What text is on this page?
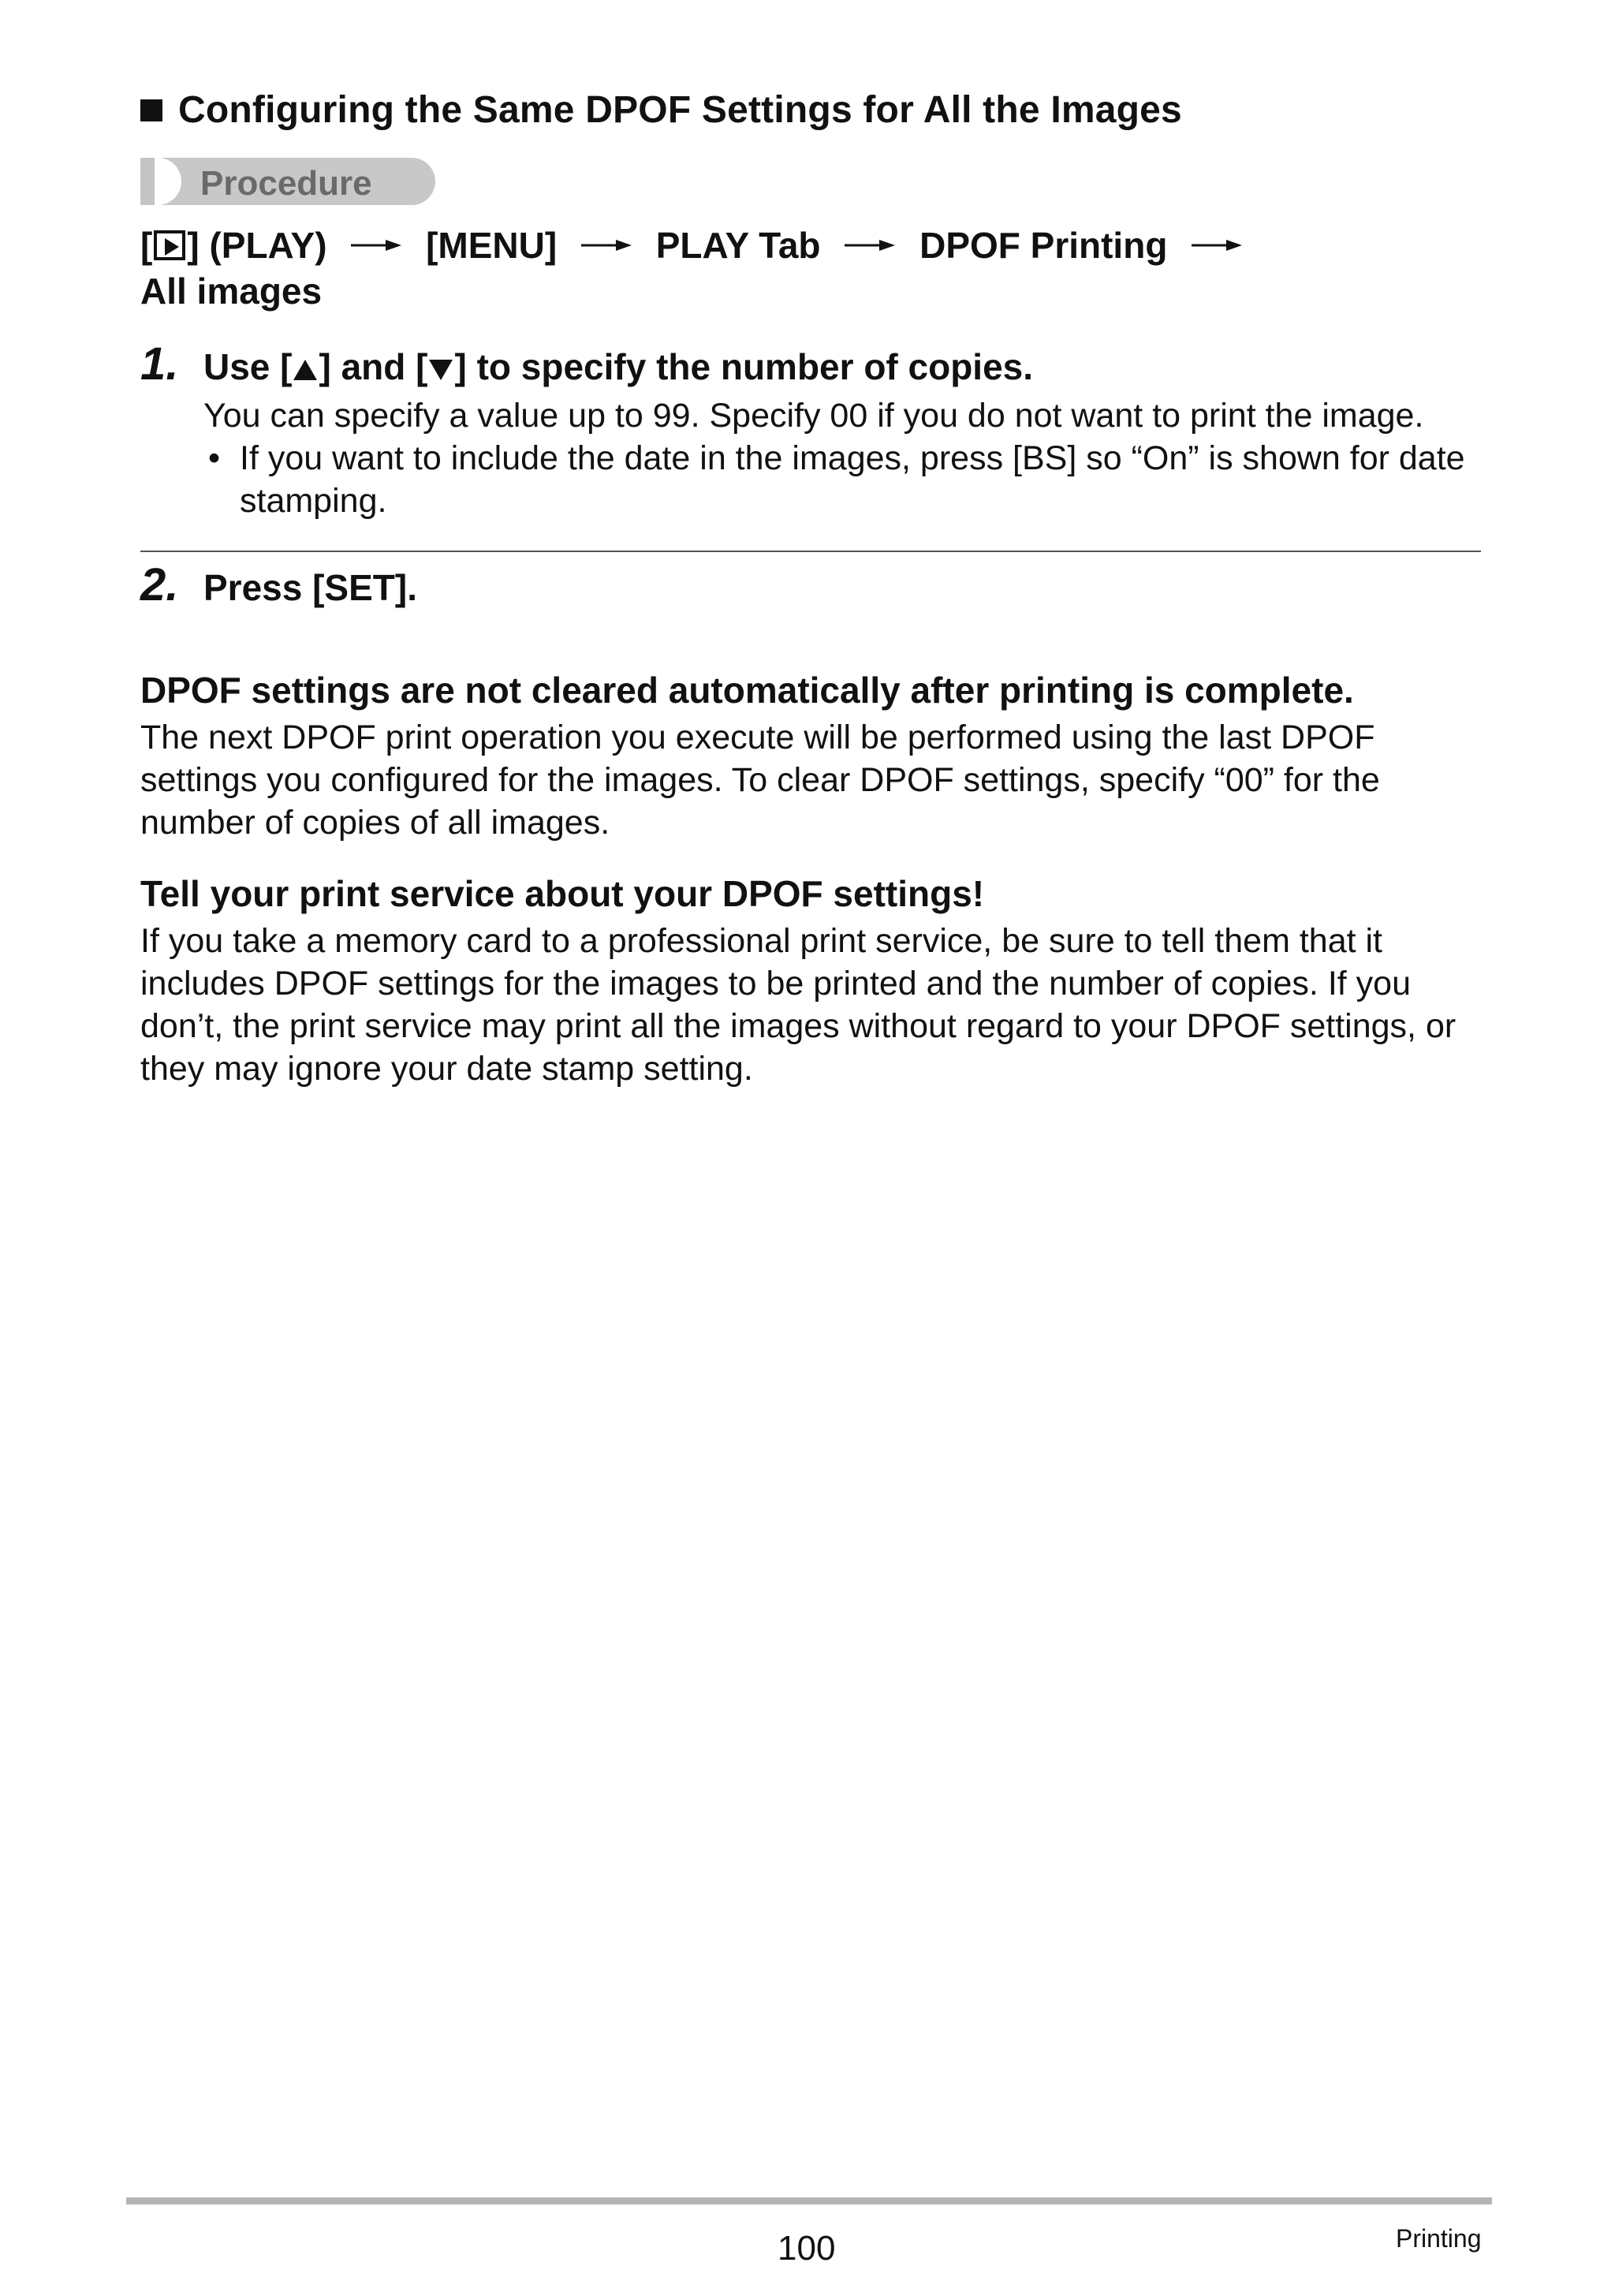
Configuring the Same DPOF Settings for All the Images
Procedure
[ ] (PLAY)	[MENU]	PLAY Tab	DPOF Printing
All images
1. Use [ ] and [ ] to specify the number of copies.
You can specify a value up to 99. Specify 00 if you do not want to print the image.
• If you want to include the date in the images, press [BS] so “On” is shown for date stamping.
2. Press [SET].
DPOF settings are not cleared automatically after printing is complete.
The next DPOF print operation you execute will be performed using the last DPOF settings you configured for the images. To clear DPOF settings, specify “00” for the number of copies of all images.
Tell your print service about your DPOF settings!
If you take a memory card to a professional print service, be sure to tell them that it includes DPOF settings for the images to be printed and the number of copies. If you don’t, the print service may print all the images without regard to your DPOF settings, or they may ignore your date stamp setting.
100	Printing
